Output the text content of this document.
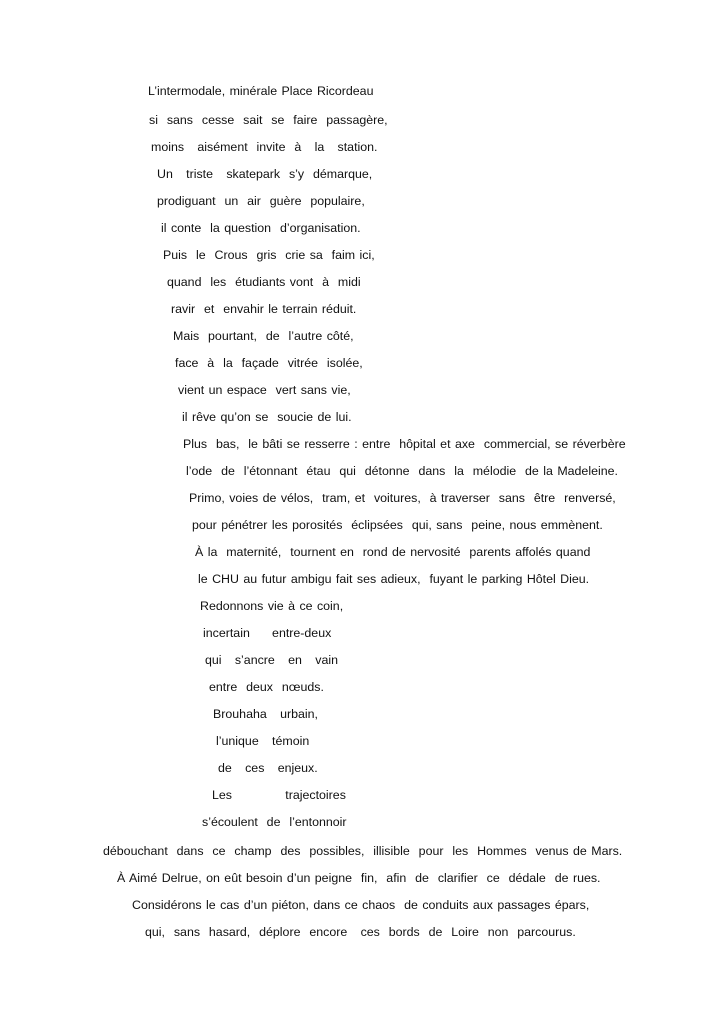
L’intermodale, minérale Place Ricordeau
si  sans  cesse  sait  se  faire  passagère,
moins   aisément  invite  à   la   station.
Un   triste   skatepark  s’y  démarque,
prodiguant  un  air  guère  populaire,
il conte  la question  d’organisation.
Puis  le  Crous  gris  crie sa  faim ici,
quand  les  étudiants vont  à  midi
ravir  et  envahir le terrain réduit.
Mais  pourtant,  de  l’autre côté,
face  à  la  façade  vitrée  isolée,
vient un espace  vert sans vie,
il rêve qu’on se  soucie de lui.
Plus  bas,  le bâti se resserre : entre  hôpital et axe  commercial, se réverbère
l’ode  de  l’étonnant  étau  qui  détonne  dans  la  mélodie  de la Madeleine.
Primo, voies de vélos,  tram, et  voitures,  à traverser  sans  être  renversé,
pour pénétrer les porosités  éclipsées  qui, sans  peine, nous emmènent.
À la  maternité,  tournent en  rond de nervosité  parents affolés quand
le CHU au futur ambigu fait ses adieux,  fuyant le parking Hôtel Dieu.
Redonnons vie à ce coin,
incertain     entre-deux
qui   s’ancre   en   vain
entre  deux  nœuds.
Brouhaha   urbain,
l’unique   témoin
de   ces   enjeux.
Les            trajectoires
s’écoulent  de  l’entonnoir
débouchant  dans  ce  champ  des  possibles,  illisible  pour  les  Hommes  venus de Mars.
À Aimé Delrue, on eût besoin d’un peigne  fin,  afin  de  clarifier  ce  dédale  de rues.
Considérons le cas d’un piéton, dans ce chaos  de conduits aux passages épars,
qui,  sans  hasard,  déplore  encore   ces  bords  de  Loire  non  parcourus.
